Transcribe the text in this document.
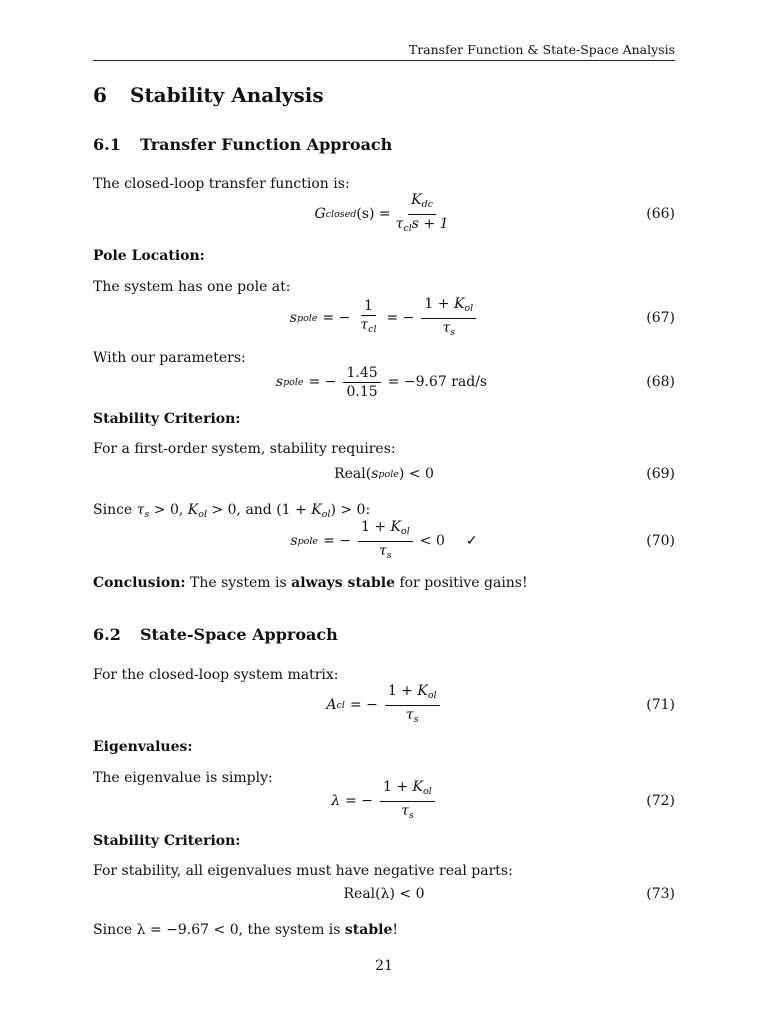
Transfer Function & State-Space Analysis
6 Stability Analysis
6.1 Transfer Function Approach
The closed-loop transfer function is:
G closed $(s) = \frac{K_{dc}}{\tau_{cl}s + 1}$	(66)
Pole Location:
The system has one pole at:
s pole = − $\frac{1}{\tau_{cl}}$ = − $\frac{1 + K_{ol}}{\tau_s}$	(67)
With our parameters:
s pole = − $\frac{1.45}{0.15} = -9.67$ rad/s	(68)
Stability Criterion:
For a first-order system, stability requires:
Real( s pole ) < 0	(69)
Since $\tau_s > 0$, $K_{ol} > 0$, and $(1 + K_{ol}) > 0$:
s pole = − $\frac{1 + K_{ol}}{\tau_s} < 0$ ✓	(70)
Conclusion: The system is always stable for positive gains!
6.2 State-Space Approach
For the closed-loop system matrix:
A cl = − $\frac{1 + K_{ol}}{\tau_s}$	(71)
Eigenvalues:
The eigenvalue is simply:
λ = − $\frac{1 + K_{ol}}{\tau_s}$	(72)
Stability Criterion:
For stability, all eigenvalues must have negative real parts:
Real(λ) < 0	(73)
Since λ = −9.67 < 0, the system is stable!
21
